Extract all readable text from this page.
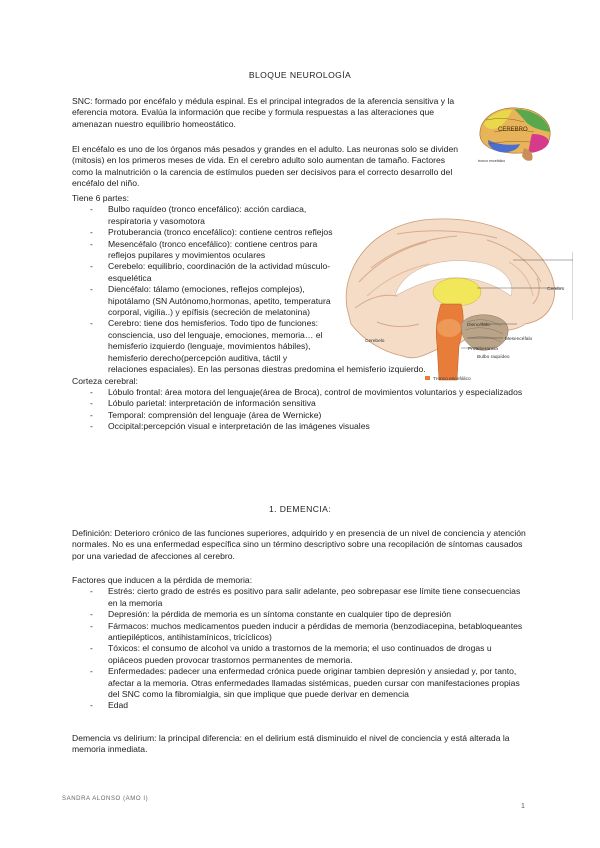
BLOQUE NEUROLOGÍA
SNC: formado por encéfalo y médula espinal. Es el principal integrados de la aferencia sensitiva y la eferencia motora. Evalúa la información que recibe y formula respuestas a las alteraciones que amenazan nuestro equilibrio homeostático.
El encéfalo es uno de los órganos más pesados y grandes en el adulto. Las neuronas solo se dividen (mitosis) en los primeros meses de vida. En el cerebro adulto solo aumentan de tamaño. Factores como la malnutrición o la carencia de estímulos pueden ser decisivos para el correcto desarrollo del encéfalo del niño.
Tiene 6 partes:
- Bulbo raquídeo (tronco encefálico): acción cardiaca, respiratoria y vasomotora
- Protuberancia (tronco encefálico): contiene centros reflejos
- Mesencéfalo (tronco encefálico): contiene centros para reflejos pupilares y movimientos oculares
- Cerebelo: equilibrio, coordinación de la actividad músculo-esquelética
- Diencéfalo: tálamo (emociones, reflejos complejos), hipotálamo (SN Autónomo,hormonas, apetito, temperatura corporal, vigilia..) y epífisis (secreción de melatonina)
- Cerebro: tiene dos hemisferios. Todo tipo de funciones: consciencia, uso del lenguaje, emociones, memoria… el hemisferio izquierdo (lenguaje, movimientos hábiles), hemisferio derecho(percepción auditiva, táctil y
relaciones espaciales). En las personas diestras predomina el hemisferio izquierdo.
Corteza cerebral:
- Lóbulo frontal: área motora del lenguaje(área de Broca), control de movimientos voluntarios y especializados
- Lóbulo parietal: interpretación de información sensitiva
- Temporal: comprensión del lenguaje (área de Wernicke)
- Occipital:percepción visual e interpretación de las imágenes visuales
1. DEMENCIA:
Definición: Deterioro crónico de las funciones superiores, adquirido y en presencia de un nivel de conciencia y atención normales. No es una enfermedad específica sino un término descriptivo sobre una recopilación de síntomas causados por una variedad de afecciones al cerebro.
Factores que inducen a la pérdida de memoria:
- Estrés: cierto grado de estrés es positivo para salir adelante, peo sobrepasar ese límite tiene consecuencias en la memoria
- Depresión: la pérdida de memoria es un síntoma constante en cualquier tipo de depresión
- Fármacos: muchos medicamentos pueden inducir a pérdidas de memoria (benzodiacepina, betabloqueantes antiepilépticos, antihistamínicos, tricíclicos)
- Tóxicos: el consumo de alcohol va unido a trastornos de la memoria; el uso continuados de drogas u opiáceos pueden provocar trastornos permanentes de memoria.
- Enfermedades: padecer una enfermedad crónica puede originar tambien depresión y ansiedad y, por tanto, afectar a la memoria. Otras enfermedades llamadas sistémicas, pueden cursar con manifestaciones propias del SNC como la fibromialgia, sin que implique que puede derivar en demencia
- Edad
Demencia vs delirium: la principal diferencia: en el delirium está disminuido el nivel de conciencia y está alterada la memoria inmediata.
CEREBRO
tronco encefálico
Cerebro
Diencéfalo
Mesencéfalo
Protuberancia
Cerebelo
Bulbo raquídeo
Tronco encefálico
SANDRA ALONSO (AMO I)
1
